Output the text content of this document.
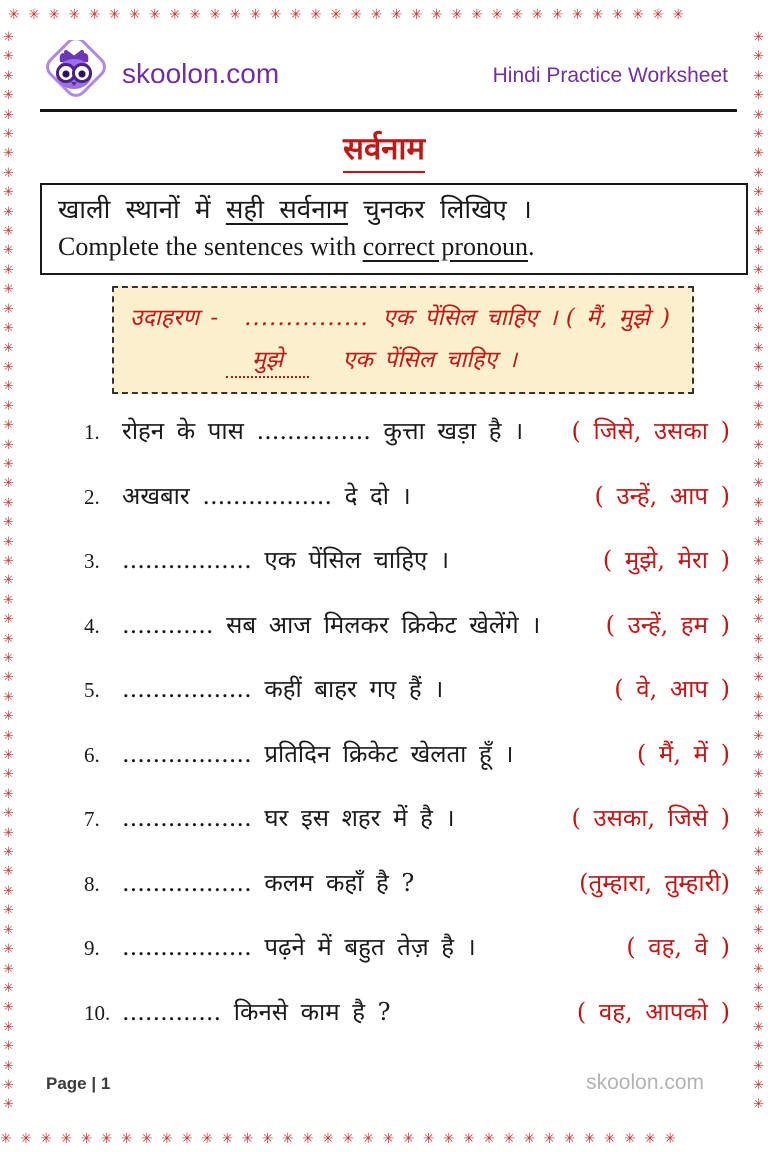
✳✳✳✳✳✳✳✳✳✳✳✳✳✳✳✳✳✳✳✳✳✳✳✳✳✳✳✳✳✳✳✳✳✳
✳✳✳✳✳✳✳✳✳✳✳✳✳✳✳✳✳✳✳✳✳✳✳✳✳✳✳✳✳✳✳✳✳✳
✳
✳
✳
✳
✳
✳
✳
✳
✳
✳
✳
✳
✳
✳
✳
✳
✳
✳
✳
✳
✳
✳
✳
✳
✳
✳
✳
✳
✳
✳
✳
✳
✳
✳
✳
✳
✳
✳
✳
✳
✳
✳
✳
✳
✳
✳
✳
✳
✳
✳
✳
✳
✳
✳
✳
✳
✳
✳
✳
✳
✳
✳
✳
✳
✳
✳
✳
✳
✳
✳
✳
✳
✳
✳
✳
✳
✳
✳
✳
✳
✳
✳
✳
✳
✳
✳
✳
✳
✳
✳
✳
✳
✳
✳
✳
✳
✳
✳
✳
✳
✳
✳
✳
✳
✳
✳
✳
✳
✳
✳
✳
✳
skoolon.com	Hindi Practice Worksheet
सर्वनाम
खाली स्थानों में सही सर्वनाम चुनकर लिखिए ।
Complete the sentences with correct pronoun.
उदाहरण - ............... एक पेंसिल चाहिए । ( मैं, मुझे )
मुझे	एक पेंसिल चाहिए ।
1. रोहन के पास ............... कुत्ता खड़ा है ।	( जिसे, उसका )
2. अखबार ................. दे दो ।	( उन्हें, आप )
3. ................. एक पेंसिल चाहिए ।	( मुझे, मेरा )
4. ............ सब आज मिलकर क्रिकेट खेलेंगे ।	( उन्हें, हम )
5. ................. कहीं बाहर गए हैं ।	( वे, आप )
6. ................. प्रतिदिन क्रिकेट खेलता हूँ ।	( मैं, में )
7. ................. घर इस शहर में है ।	( उसका, जिसे )
8. ................. कलम कहाँ है ?	(तुम्हारा, तुम्हारी)
9. ................. पढ़ने में बहुत तेज़ है ।	( वह, वे )
10. ............. किनसे काम है ?	( वह, आपको )
Page | 1	skoolon.com
